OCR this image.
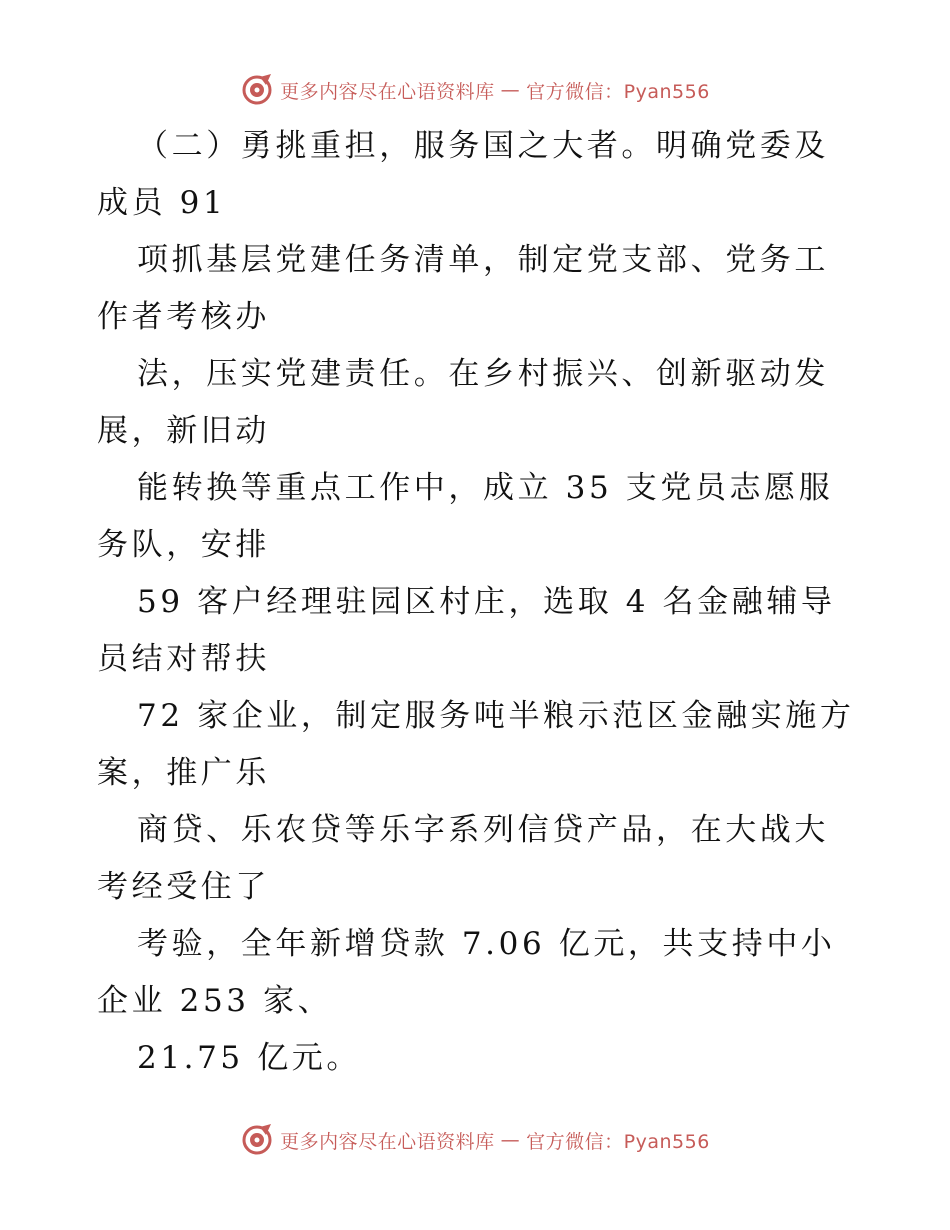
更多内容尽在心语资料库 — 官方微信：Pyan556

（二）勇挑重担，服务国之大者。明确党委及成员 91

项抓基层党建任务清单，制定党支部、党务工作者考核办

法，压实党建责任。在乡村振兴、创新驱动发展，新旧动

能转换等重点工作中，成立 35 支党员志愿服务队，安排

59 客户经理驻园区村庄，选取 4 名金融辅导员结对帮扶

72 家企业，制定服务吨半粮示范区金融实施方案，推广乐

商贷、乐农贷等乐字系列信贷产品，在大战大考经受住了

考验，全年新增贷款 7.06 亿元，共支持中小企业 253 家、

21.75 亿元。

更多内容尽在心语资料库 — 官方微信：Pyan556
